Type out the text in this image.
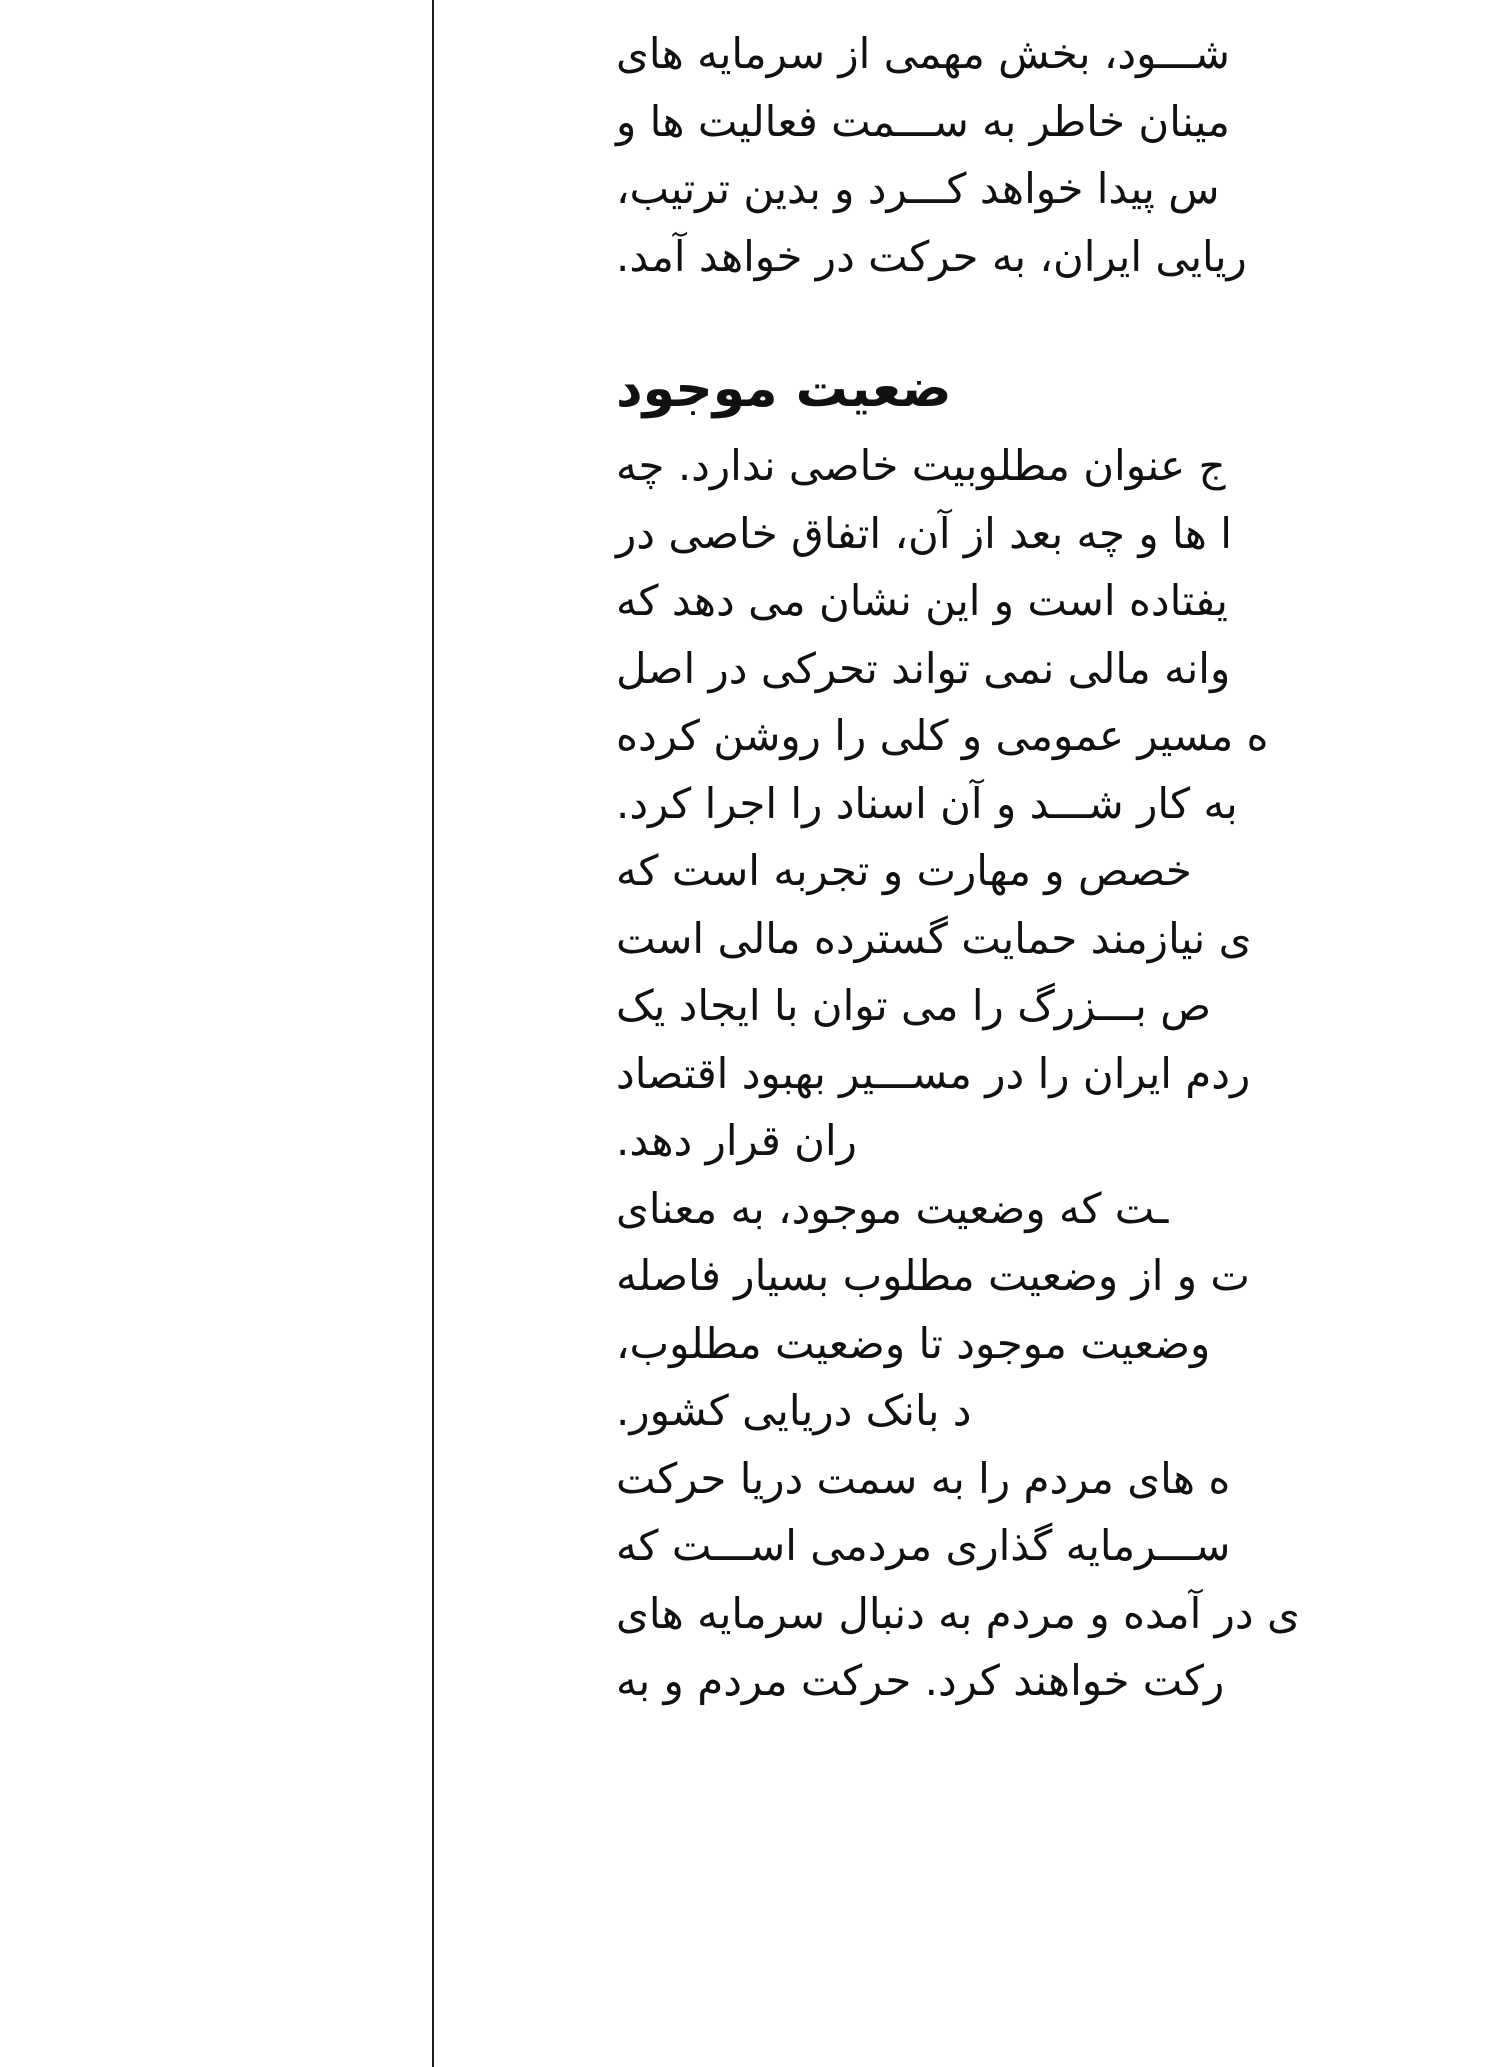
شـــود، بخش مهمی از سرمایه های
مینان خاطر به ســـمت فعالیت ها و
س پیدا خواهد کـــرد و بدین ترتیب،
ریایی ایران، به حرکت در خواهد آمد.
ضعیت موجود
ج عنوان مطلوبیت خاصی ندارد. چه
ا ها و چه بعد از آن، اتفاق خاصی در
یفتاده است و این نشان می دهد که
وانه مالی نمی تواند تحرکی در اصل
ه مسیر عمومی و کلی را روشن کرده
به کار شـــد و آن اسناد را اجرا کرد.
خصص و مهارت و تجربه است که
ی نیازمند حمایت گسترده مالی است
ص بـــزرگ را می توان با ایجاد یک
ردم ایران را در مســـیر بهبود اقتصاد
ران قرار دهد.
ـت که وضعیت موجود، به معنای
ت و از وضعیت مطلوب بسیار فاصله
وضعیت موجود تا وضعیت مطلوب،
د بانک دریایی کشور.
ه های مردم را به سمت دریا حرکت
ســـرمایه گذاری مردمی اســـت که
ی در آمده و مردم به دنبال سرمایه های
رکت خواهند کرد. حرکت مردم و به
